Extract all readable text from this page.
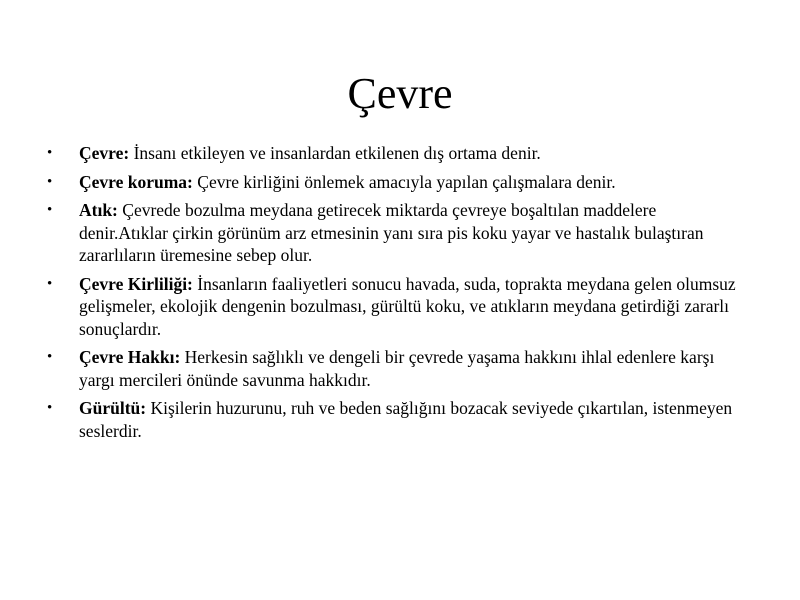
Çevre
•	Çevre: İnsanı etkileyen ve insanlardan etkilenen dış ortama denir.
•	Çevre koruma: Çevre kirliğini önlemek amacıyla yapılan çalışmalara denir.
•	Atık: Çevrede bozulma meydana getirecek miktarda çevreye boşaltılan maddelere denir.Atıklar çirkin görünüm arz etmesinin yanı sıra pis koku yayar ve hastalık bulaştıran zararlıların üremesine sebep olur.
•	Çevre Kirliliği: İnsanların faaliyetleri sonucu havada, suda, toprakta meydana gelen olumsuz gelişmeler, ekolojik dengenin bozulması, gürültü koku, ve atıkların meydana getirdiği zararlı sonuçlardır.
•	Çevre Hakkı: Herkesin sağlıklı ve dengeli bir çevrede yaşama hakkını ihlal edenlere karşı yargı mercileri önünde savunma hakkıdır.
•	Gürültü: Kişilerin huzurunu, ruh ve beden sağlığını bozacak seviyede çıkartılan, istenmeyen seslerdir.
